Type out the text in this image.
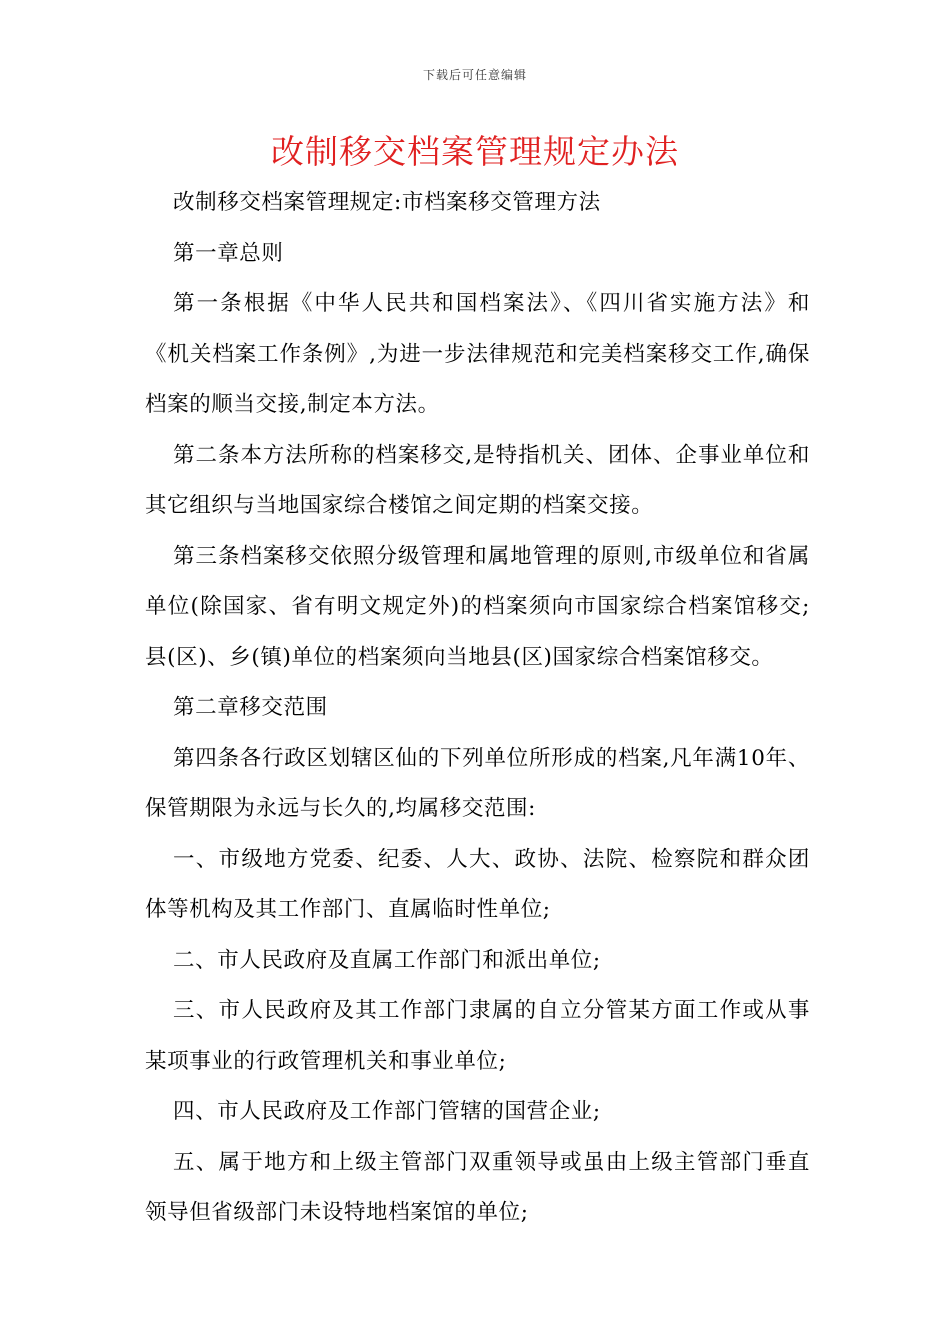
下载后可任意编辑
改制移交档案管理规定办法

改制移交档案管理规定:市档案移交管理方法

第一章总则

第一条根据《中华人民共和国档案法》、《四川省实施方法》和《机关档案工作条例》,为进一步法律规范和完美档案移交工作,确保档案的顺当交接,制定本方法。

第二条本方法所称的档案移交,是特指机关、团体、企事业单位和其它组织与当地国家综合楼馆之间定期的档案交接。

第三条档案移交依照分级管理和属地管理的原则,市级单位和省属单位(除国家、省有明文规定外)的档案须向市国家综合档案馆移交;县(区)、乡(镇)单位的档案须向当地县(区)国家综合档案馆移交。

第二章移交范围

第四条各行政区划辖区仙的下列单位所形成的档案,凡年满10年、保管期限为永远与长久的,均属移交范围:

一、市级地方党委、纪委、人大、政协、法院、检察院和群众团体等机构及其工作部门、直属临时性单位;

二、市人民政府及直属工作部门和派出单位;

三、市人民政府及其工作部门隶属的自立分管某方面工作或从事某项事业的行政管理机关和事业单位;

四、市人民政府及工作部门管辖的国营企业;

五、属于地方和上级主管部门双重领导或虽由上级主管部门垂直领导但省级部门未设特地档案馆的单位;
